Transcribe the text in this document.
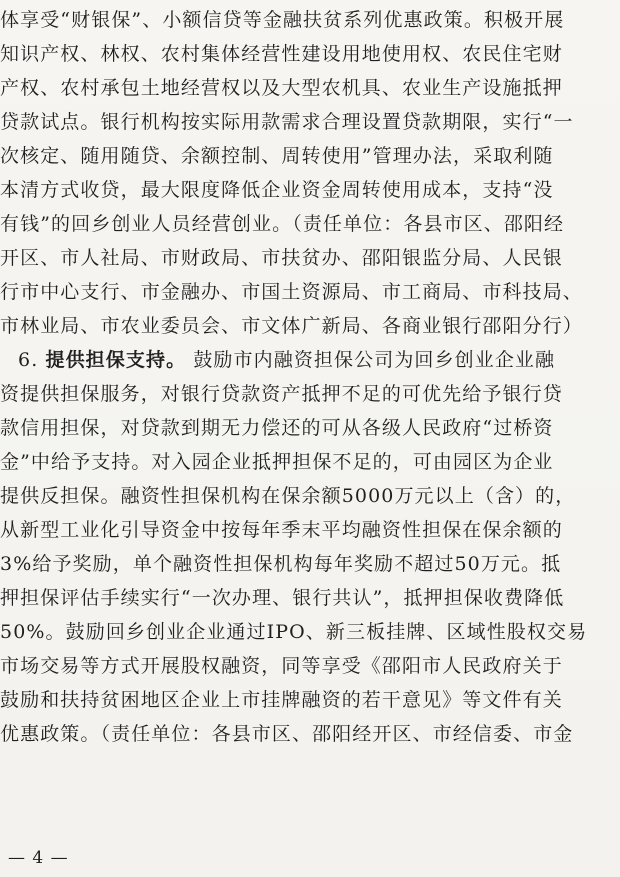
体享受“财银保”、小额信贷等金融扶贫系列优惠政策。积极开展
知识产权、林权、农村集体经营性建设用地使用权、农民住宅财
产权、农村承包土地经营权以及大型农机具、农业生产设施抵押
贷款试点。银行机构按实际用款需求合理设置贷款期限，实行“一
次核定、随用随贷、余额控制、周转使用”管理办法，采取利随
本清方式收贷，最大限度降低企业资金周转使用成本，支持“没
有钱”的回乡创业人员经营创业。（责任单位：各县市区、邵阳经
开区、市人社局、市财政局、市扶贫办、邵阳银监分局、人民银
行市中心支行、市金融办、市国土资源局、市工商局、市科技局、
市林业局、市农业委员会、市文体广新局、各商业银行邵阳分行）
6. 提供担保支持。 鼓励市内融资担保公司为回乡创业企业融
资提供担保服务，对银行贷款资产抵押不足的可优先给予银行贷
款信用担保，对贷款到期无力偿还的可从各级人民政府“过桥资
金”中给予支持。对入园企业抵押担保不足的，可由园区为企业
提供反担保。融资性担保机构在保余额5000万元以上（含）的，
从新型工业化引导资金中按每年季末平均融资性担保在保余额的
3%给予奖励，单个融资性担保机构每年奖励不超过50万元。抵
押担保评估手续实行“一次办理、银行共认”，抵押担保收费降低
50%。鼓励回乡创业企业通过IPO、新三板挂牌、区域性股权交易
市场交易等方式开展股权融资，同等享受《邵阳市人民政府关于
鼓励和扶持贫困地区企业上市挂牌融资的若干意见》等文件有关
优惠政策。（责任单位：各县市区、邵阳经开区、市经信委、市金
— 4 —
